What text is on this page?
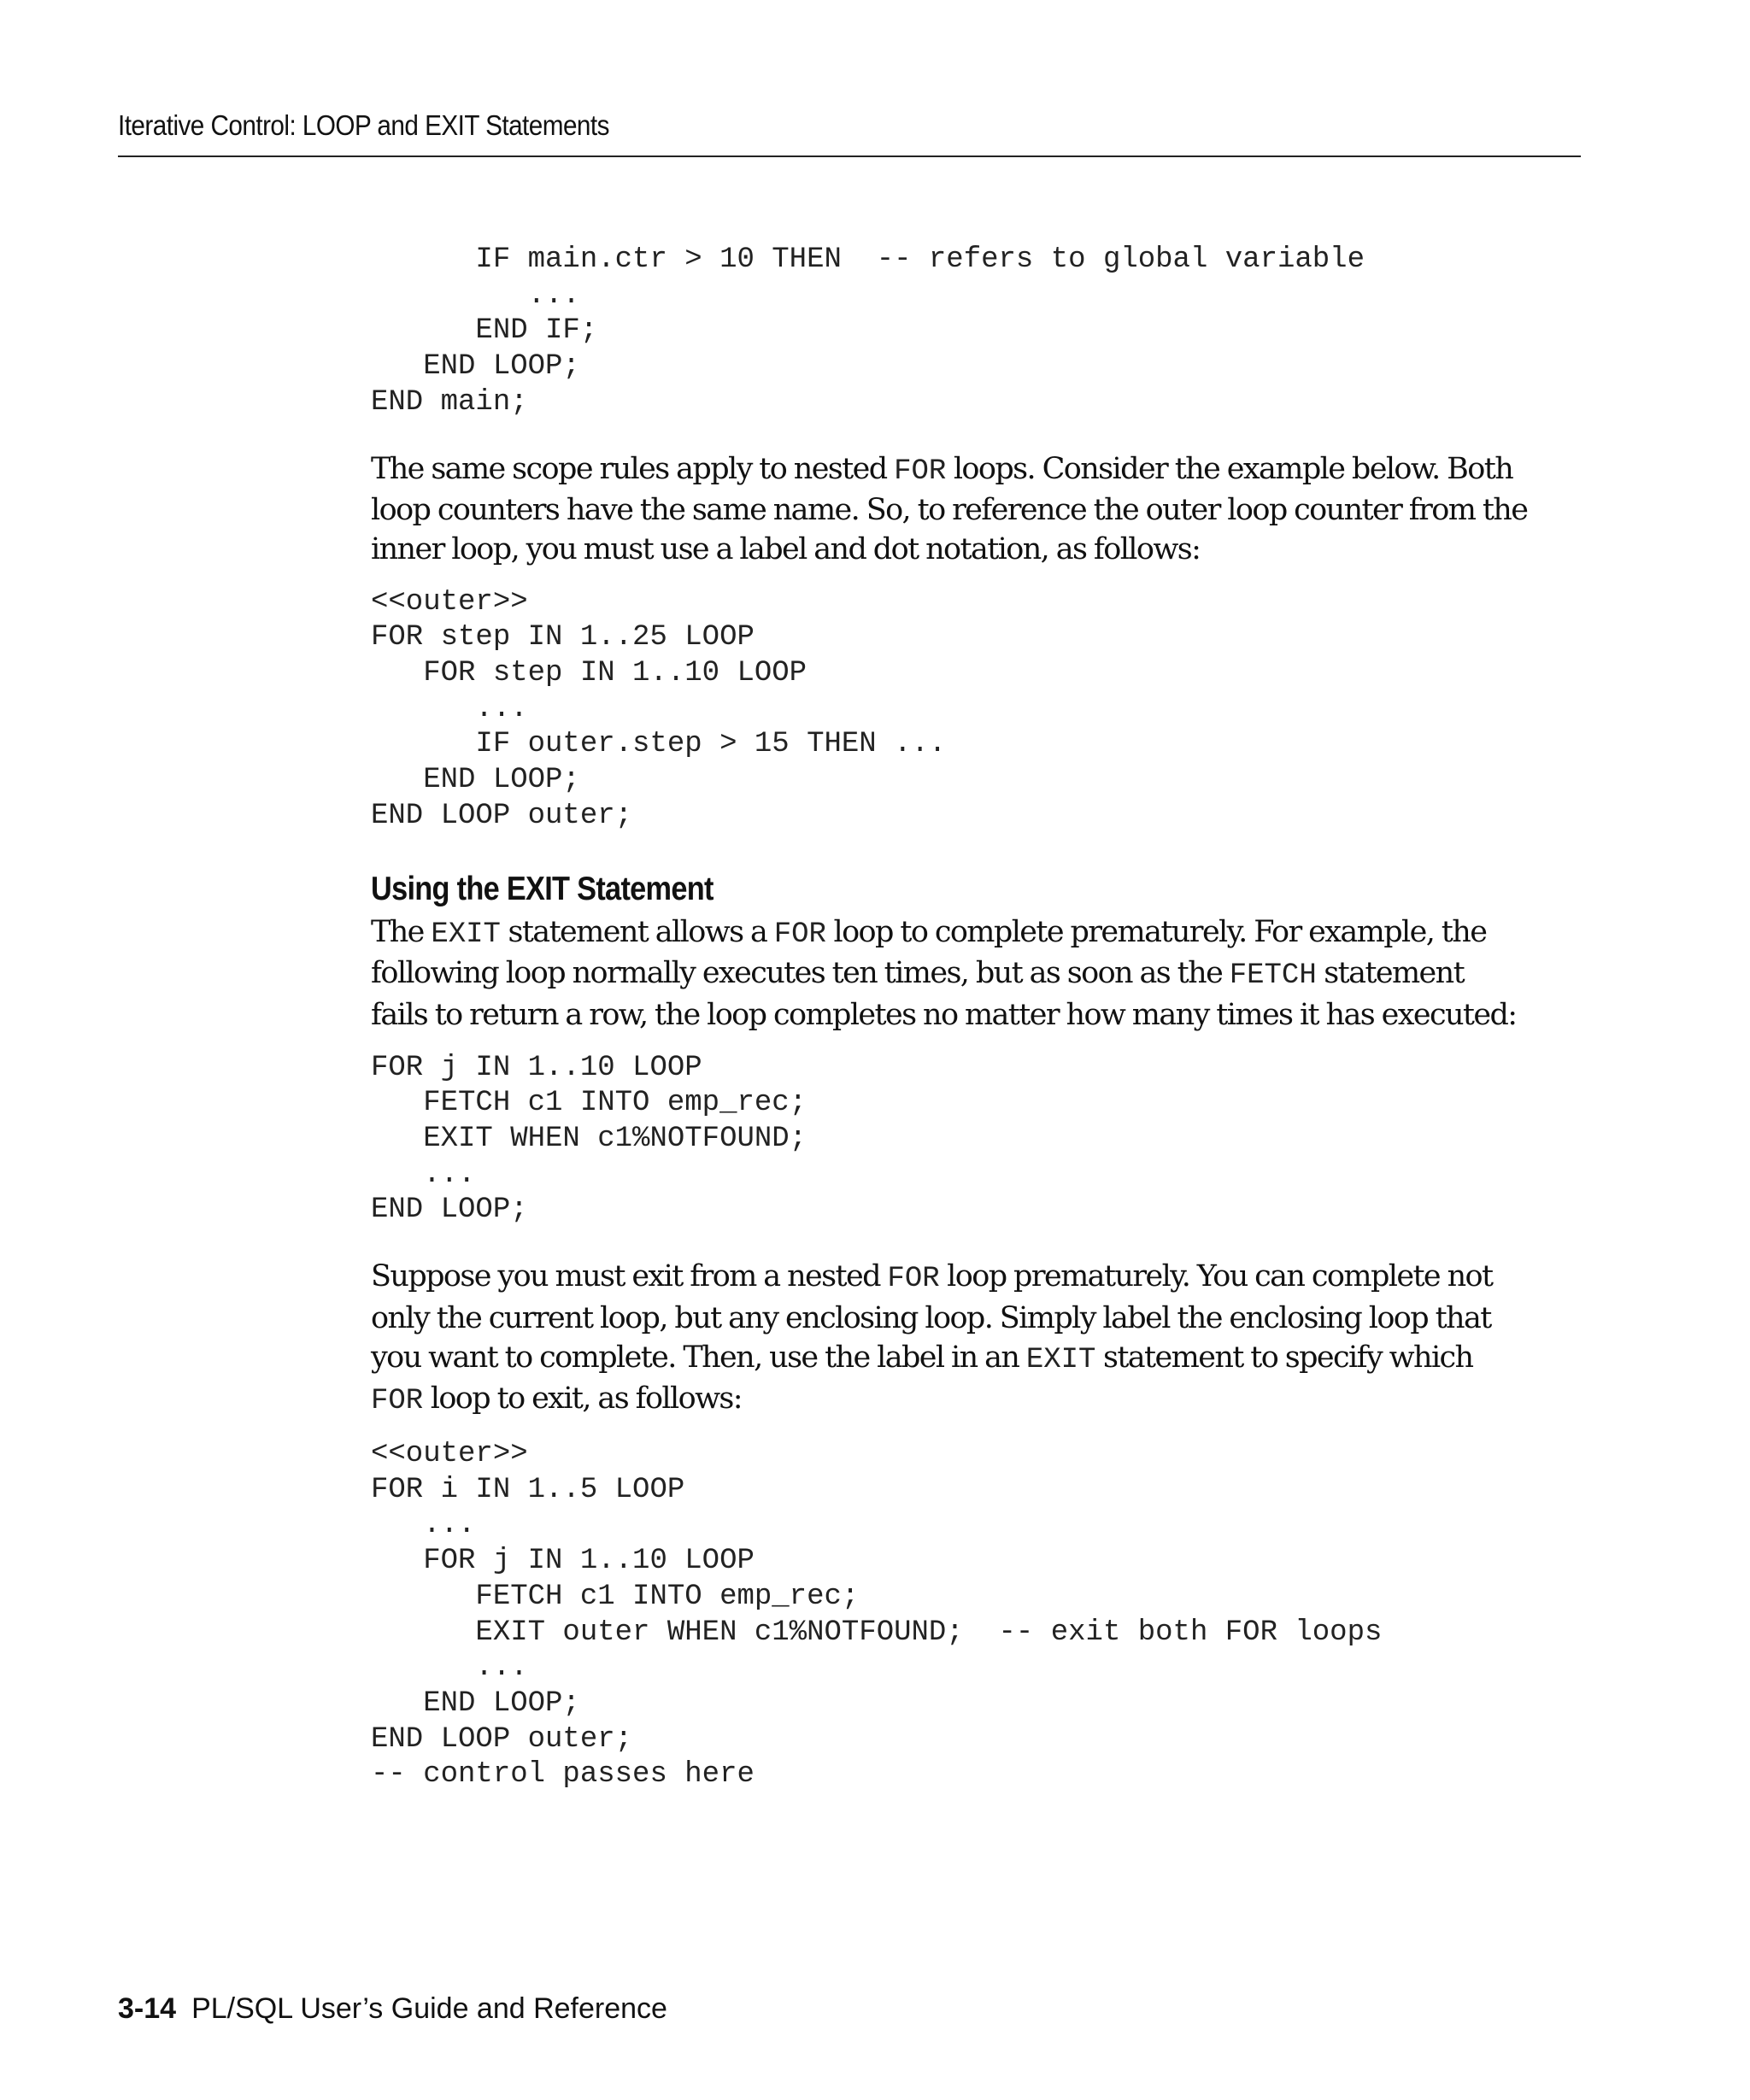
Iterative Control: LOOP and EXIT Statements
IF main.ctr > 10 THEN  -- refers to global variable
...
END IF;
END LOOP;
END main;

The same scope rules apply to nested FOR loops. Consider the example below. Both
loop counters have the same name. So, to reference the outer loop counter from the
inner loop, you must use a label and dot notation, as follows:

<<outer>>
FOR step IN 1..25 LOOP
FOR step IN 1..10 LOOP
...
IF outer.step > 15 THEN ...
END LOOP;
END LOOP outer;
Using the EXIT Statement

The EXIT statement allows a FOR loop to complete prematurely. For example, the
following loop normally executes ten times, but as soon as the FETCH statement
fails to return a row, the loop completes no matter how many times it has executed:

FOR j IN 1..10 LOOP
FETCH c1 INTO emp_rec;
EXIT WHEN c1%NOTFOUND;
...
END LOOP;

Suppose you must exit from a nested FOR loop prematurely. You can complete not
only the current loop, but any enclosing loop. Simply label the enclosing loop that
you want to complete. Then, use the label in an EXIT statement to specify which
FOR loop to exit, as follows:

<<outer>>
FOR i IN 1..5 LOOP
...
FOR j IN 1..10 LOOP
FETCH c1 INTO emp_rec;
EXIT outer WHEN c1%NOTFOUND;  -- exit both FOR loops
...
END LOOP;
END LOOP outer;
-- control passes here
3-14 PL/SQL User’s Guide and Reference
